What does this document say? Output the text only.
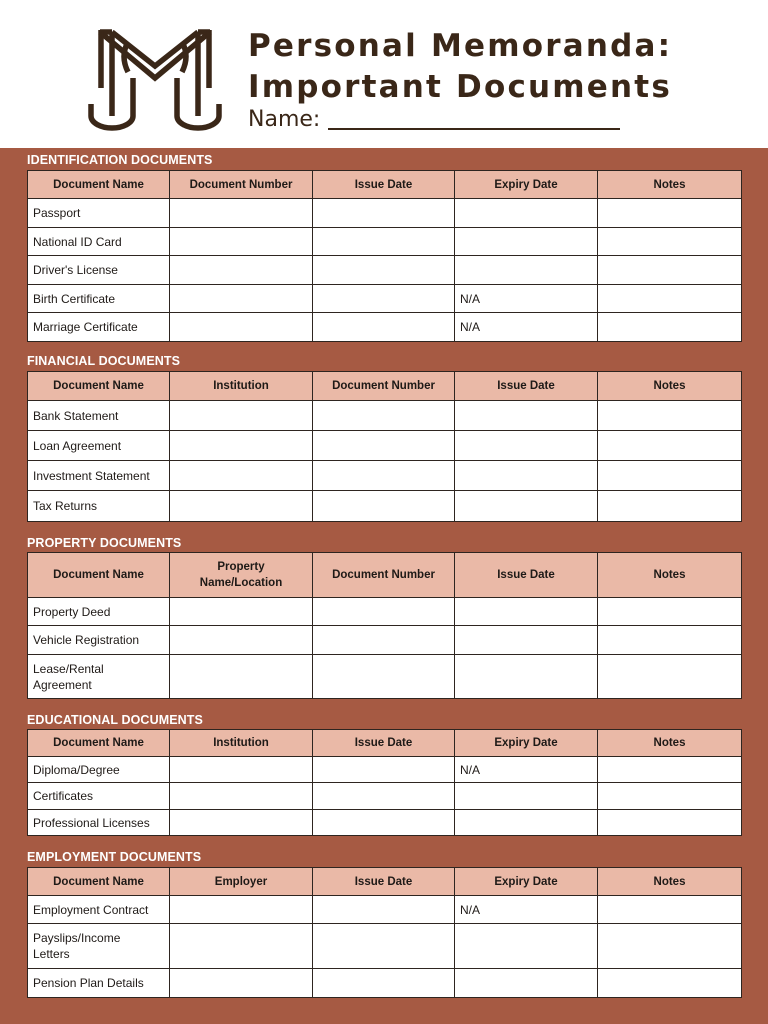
Personal Memoranda:
Important Documents
Name:
IDENTIFICATION DOCUMENTS
Document Name	Document Number	Issue Date	Expiry Date	Notes
Passport				
National ID Card				
Driver's License				
Birth Certificate			N/A	
Marriage Certificate			N/A	
FINANCIAL DOCUMENTS
Document Name	Institution	Document Number	Issue Date	Notes
Bank Statement				
Loan Agreement				
Investment Statement				
Tax Returns				
PROPERTY DOCUMENTS
Document Name	Property Name/Location	Document Number	Issue Date	Notes
Property Deed				
Vehicle Registration				
Lease/Rental Agreement				
EDUCATIONAL DOCUMENTS
Document Name	Institution	Issue Date	Expiry Date	Notes
Diploma/Degree			N/A	
Certificates				
Professional Licenses				
EMPLOYMENT DOCUMENTS
Document Name	Employer	Issue Date	Expiry Date	Notes
Employment Contract			N/A	
Payslips/Income Letters				
Pension Plan Details				
